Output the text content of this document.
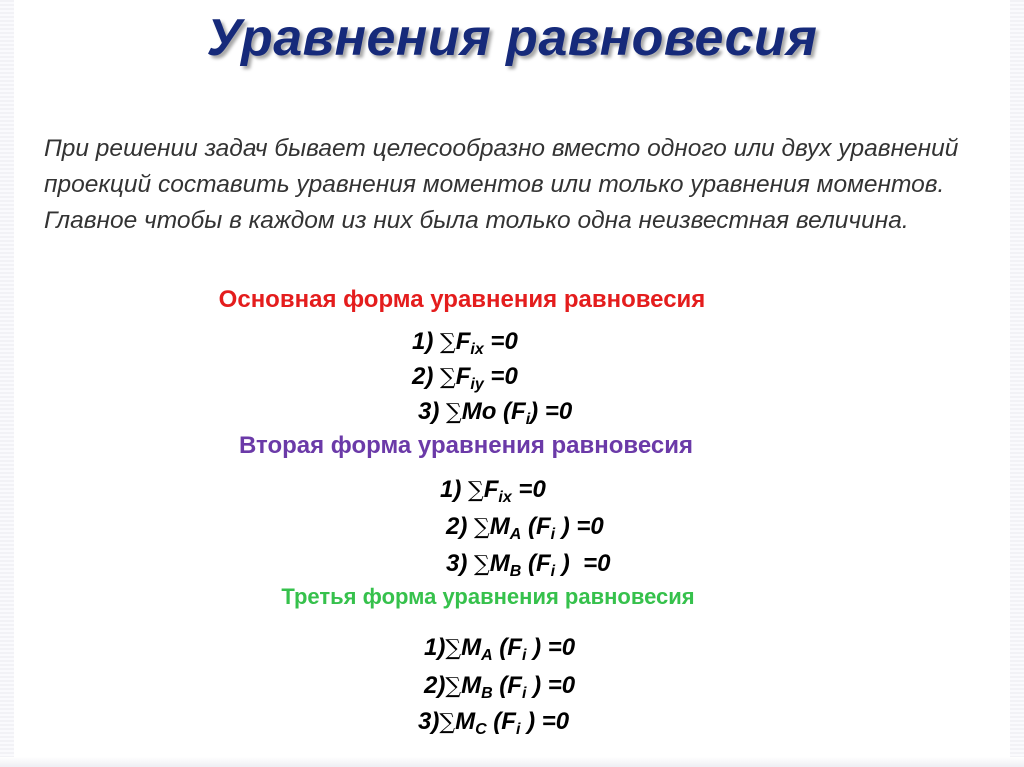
Уравнения равновесия
При решении задач бывает целесообразно вместо одного или двух уравнений проекций составить уравнения моментов или только уравнения моментов. Главное чтобы в каждом из них была только одна неизвестная величина.
Основная форма уравнения равновесия
1) $\sum F_{ix} =0$
2) $\sum F_{iy} =0$
3) ∑Mo $(F_i) =0$
Вторая форма уравнения равновесия
1) $\sum F_{ix} =0$
2) $\sum M_A$ ($F_i$ ) =0
3) $\sum M_B$ ($F_i$ )  =0
Третья форма уравнения равновесия
$1)\sum M_A$ ($F_i$ ) =0
$2)\sum M_B$ ($F_i$ ) =0
$3)\sum M_C$ ($F_i$ ) =0
